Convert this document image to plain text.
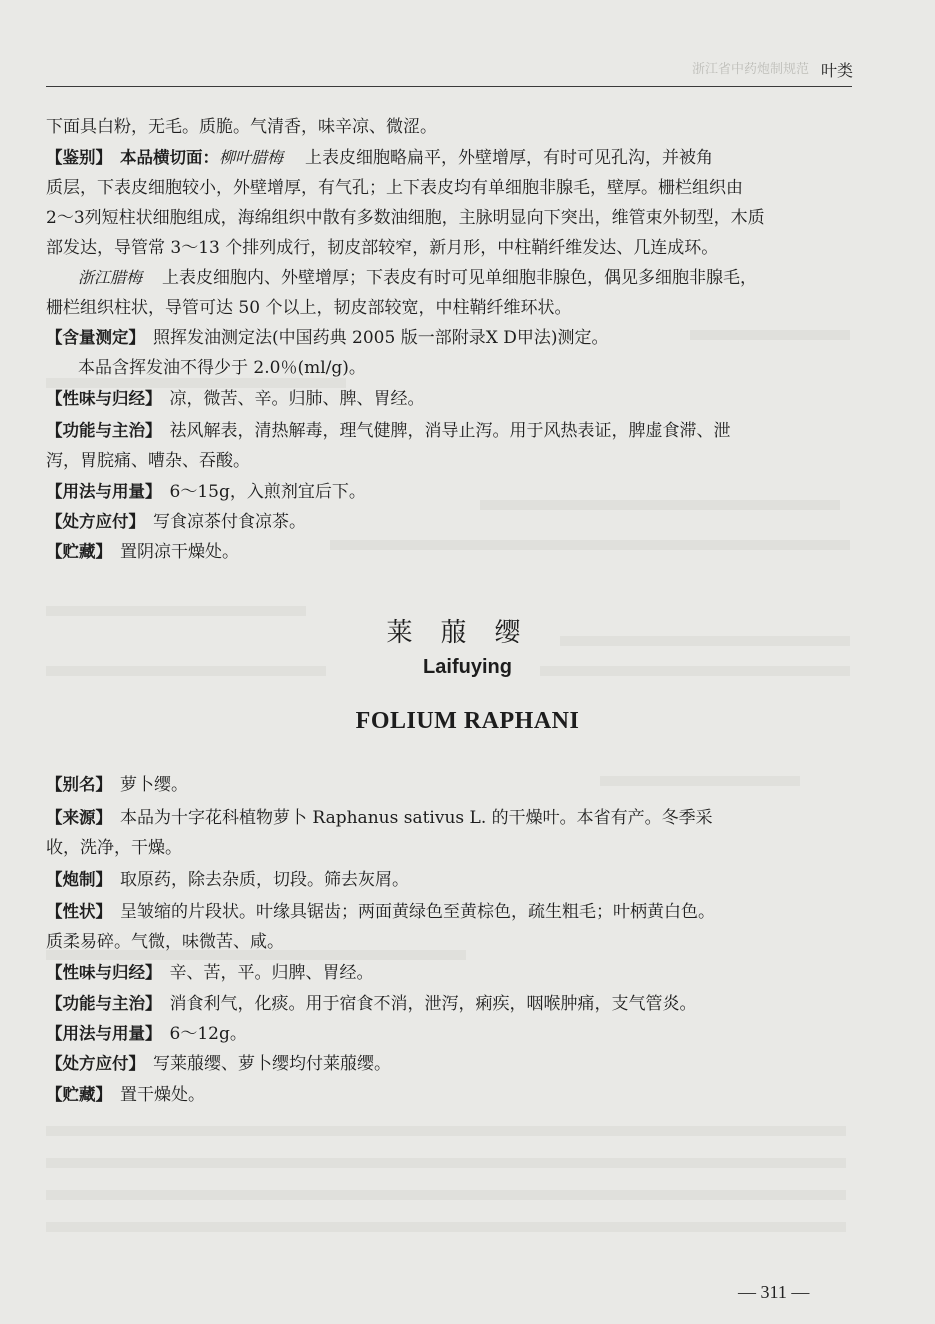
浙江省中药炮制规范 叶类
下面具白粉，无毛。质脆。气清香，味辛凉、微涩。
【鉴别】 本品横切面：柳叶腊梅 上表皮细胞略扁平，外壁增厚，有时可见孔沟，并被角
质层，下表皮细胞较小，外壁增厚，有气孔；上下表皮均有单细胞非腺毛，壁厚。栅栏组织由
2～3列短柱状细胞组成，海绵组织中散有多数油细胞，主脉明显向下突出，维管束外韧型，木质
部发达，导管常 3～13 个排列成行，韧皮部较窄，新月形，中柱鞘纤维发达、几连成环。
浙江腊梅 上表皮细胞内、外壁增厚；下表皮有时可见单细胞非腺色，偶见多细胞非腺毛，
栅栏组织柱状，导管可达 50 个以上，韧皮部较宽，中柱鞘纤维环状。
【含量测定】 照挥发油测定法(中国药典 2005 版一部附录Ⅹ D甲法)测定。
本品含挥发油不得少于 2.0％(ml/g)。
【性味与归经】 凉，微苦、辛。归肺、脾、胃经。
【功能与主治】 祛风解表，清热解毒，理气健脾，消导止泻。用于风热表证，脾虚食滞、泄
泻，胃脘痛、嘈杂、吞酸。
【用法与用量】 6～15g，入煎剂宜后下。
【处方应付】 写食凉茶付食凉茶。
【贮藏】 置阴凉干燥处。
莱菔缨
Laifuying
FOLIUM RAPHANI
【别名】 萝卜缨。
【来源】 本品为十字花科植物萝卜 Raphanus sativus L. 的干燥叶。本省有产。冬季采
收，洗净，干燥。
【炮制】 取原药，除去杂质，切段。筛去灰屑。
【性状】 呈皱缩的片段状。叶缘具锯齿；两面黄绿色至黄棕色，疏生粗毛；叶柄黄白色。
质柔易碎。气微，味微苦、咸。
【性味与归经】 辛、苦，平。归脾、胃经。
【功能与主治】 消食利气，化痰。用于宿食不消，泄泻，痢疾，咽喉肿痛，支气管炎。
【用法与用量】 6～12g。
【处方应付】 写莱菔缨、萝卜缨均付莱菔缨。
【贮藏】 置干燥处。
— 311 —
